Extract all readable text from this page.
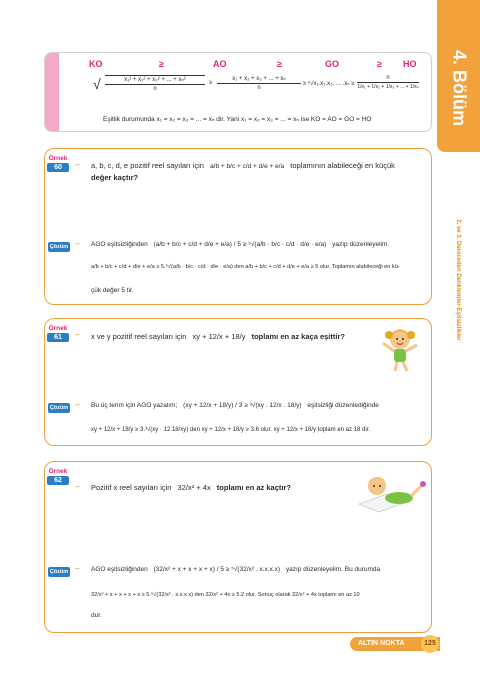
4. Bölüm
2. ve 3. Dereceden Denklemler-Eşitsizlikler
KO	≥	AO	≥	GO	≥ HO
√ $\frac{\text{x₁² + x₂² + x₃² + ... + xₙ²}}{n} \ge \frac{\text{x₁ + x₂ + x₃ + ... + xₙ}}{n} \ge ^n√x_1.x_2.x_3$. ... .xₙ ≥
n
1/x₁ + 1/x₂ + 1/x₃ + ... + 1/xₙ
Eşitlik durumunda x₁ = x₂ = x₃ = ... = xₙ dir. Yani x₁ = x₂ = x₃ = ... = xₙ ise KO = AO = GO = HO
Örnek
60	– a, b, c, d, e pozitif reel sayıları için a/b + b/c + c/d + d/e + e/a toplamının alabileceği en küçük
değer kaçtır?
Çözüm – AGO eşitsizliğinden (a/b + b/c + c/d + d/e + e/a) / 5 ≥ ⁵√(a/b · b/c · c/d · d/e · e/a) yazıp düzenleyelim.
a/b + b/c + c/d + d/e + e/a ≥ 5.⁵√(a/b · b/c · c/d · d/e · e/a) den a/b + b/c + c/d + d/e + e/a ≥ 5 olur. Toplamın alabileceği en kü-
çük değer 5 tir.
Örnek
61	– x ve y pozitif reel sayıları için xy + 12/x + 18/y toplamı en az kaça eşittir?
Çözüm – Bu üç terim için AGO yazalım; (xy + 12/x + 18/y) / 3 ≥ ³√(xy . 12/x . 18/y) eşitsizliği düzenlediğinde
xy + 12/x + 18/y ≥ 3.³√(xy · 12.18/xy) den xy + 12/x + 18/y ≥ 3.6 olur. xy + 12/x + 18/y toplam en az 18 dir.
Örnek
62
– Pozitif x reel sayıları için 32/x² + 4x toplamı en az kaçtır?
Çözüm – AGO eşitsizliğinden (32/x² + x + x + x + x) / 5 ≥ ⁵√(32/x² . x.x.x.x) yazıp düzenleyelim. Bu durumda
32/x² + x + x + x + x ≥ 5.⁵√(32/x² . x.x.x.x) den 32/x² + 4x ≥ 5.2 olur. Sonuç olarak 32/x² + 4x toplamı en az 10
dur.
ALTIN NOKTA	125
